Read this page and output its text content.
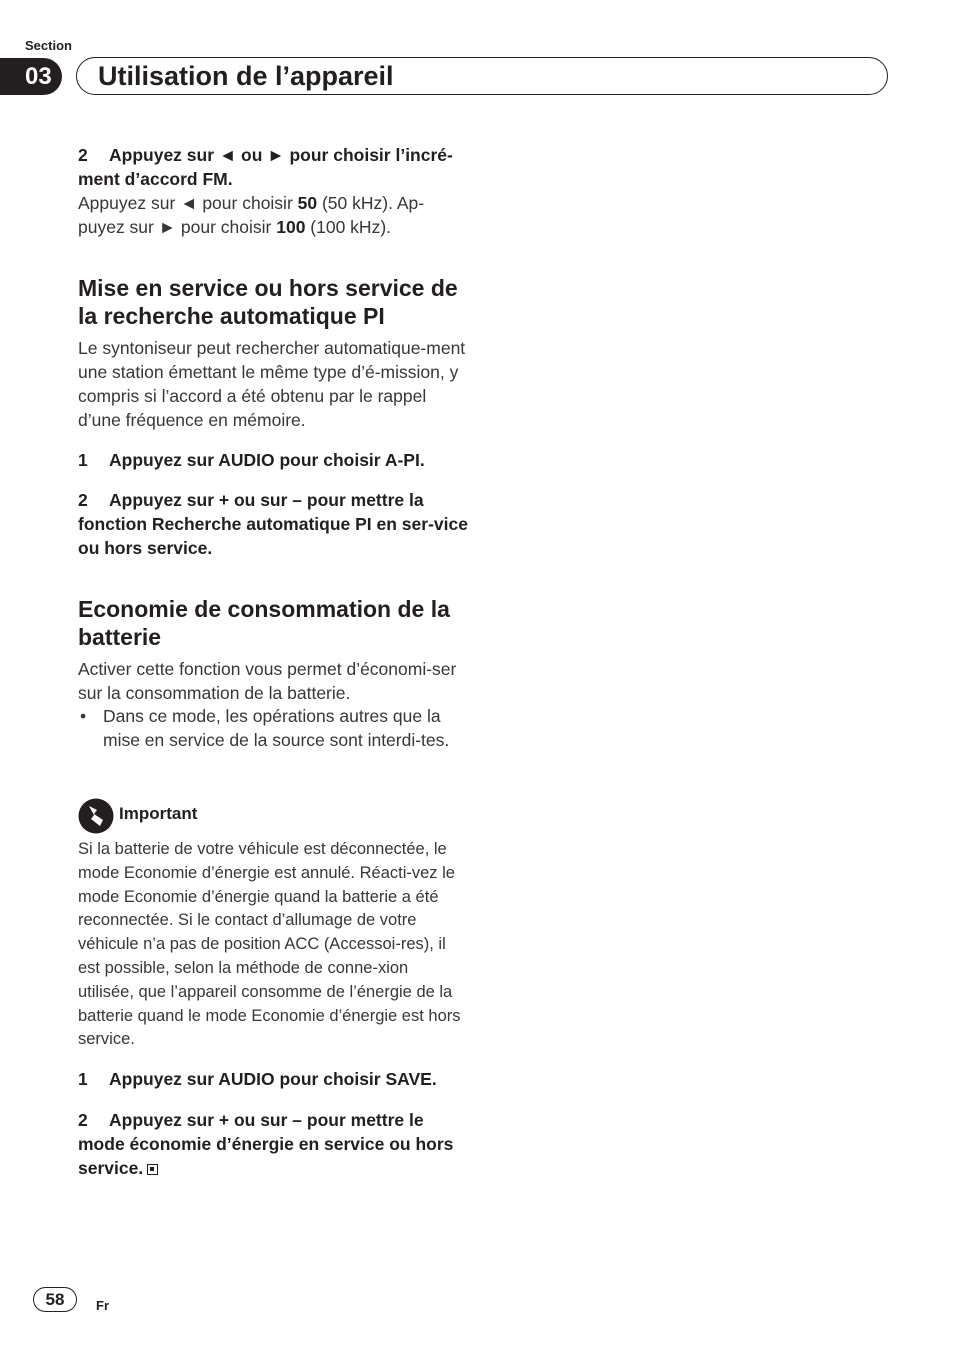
Section
03	Utilisation de l’appareil

2 Appuyez sur ◄ ou ► pour choisir l’incré-ment d’accord FM.

Appuyez sur ◄ pour choisir 50 (50 kHz). Ap-puyez sur ► pour choisir 100 (100 kHz).

Mise en service ou hors service de la recherche automatique PI

Le syntoniseur peut rechercher automatique-ment une station émettant le même type d’é-mission, y compris si l’accord a été obtenu par le rappel d’une fréquence en mémoire.

1 Appuyez sur AUDIO pour choisir A-PI.

2 Appuyez sur + ou sur – pour mettre la fonction Recherche automatique PI en ser-vice ou hors service.

Economie de consommation de la batterie

Activer cette fonction vous permet d’économi-ser sur la consommation de la batterie.

• Dans ce mode, les opérations autres que la mise en service de la source sont interdi-tes.
Important

Si la batterie de votre véhicule est déconnectée, le mode Economie d’énergie est annulé. Réacti-vez le mode Economie d’énergie quand la batterie a été reconnectée. Si le contact d’allumage de votre véhicule n’a pas de position ACC (Accessoi-res), il est possible, selon la méthode de conne-xion utilisée, que l’appareil consomme de l’énergie de la batterie quand le mode Economie d’énergie est hors service.

1 Appuyez sur AUDIO pour choisir SAVE.

2 Appuyez sur + ou sur – pour mettre le mode économie d’énergie en service ou hors service.

58	Fr
